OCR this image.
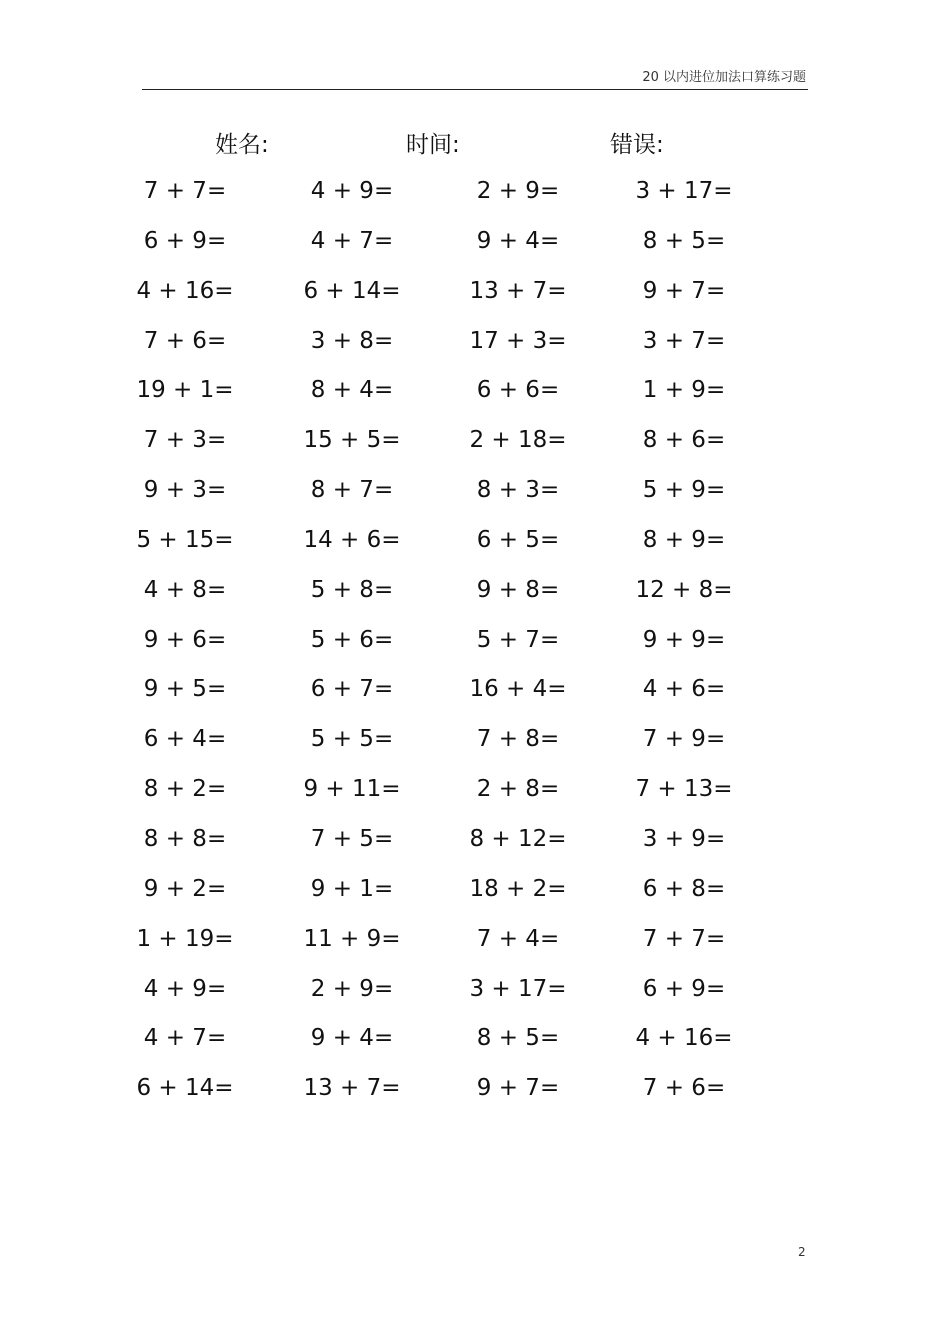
20 以内进位加法口算练习题
姓名:	时间:	错误:
7 + 7=	4 + 9=	2 + 9=	3 + 17=
6 + 9=	4 + 7=	9 + 4=	8 + 5=
4 + 16=	6 + 14=	13 + 7=	9 + 7=
7 + 6=	3 + 8=	17 + 3=	3 + 7=
19 + 1=	8 + 4=	6 + 6=	1 + 9=
7 + 3=	15 + 5=	2 + 18=	8 + 6=
9 + 3=	8 + 7=	8 + 3=	5 + 9=
5 + 15=	14 + 6=	6 + 5=	8 + 9=
4 + 8=	5 + 8=	9 + 8=	12 + 8=
9 + 6=	5 + 6=	5 + 7=	9 + 9=
9 + 5=	6 + 7=	16 + 4=	4 + 6=
6 + 4=	5 + 5=	7 + 8=	7 + 9=
8 + 2=	9 + 11=	2 + 8=	7 + 13=
8 + 8=	7 + 5=	8 + 12=	3 + 9=
9 + 2=	9 + 1=	18 + 2=	6 + 8=
1 + 19=	11 + 9=	7 + 4=	7 + 7=
4 + 9=	2 + 9=	3 + 17=	6 + 9=
4 + 7=	9 + 4=	8 + 5=	4 + 16=
6 + 14=	13 + 7=	9 + 7=	7 + 6=
2
